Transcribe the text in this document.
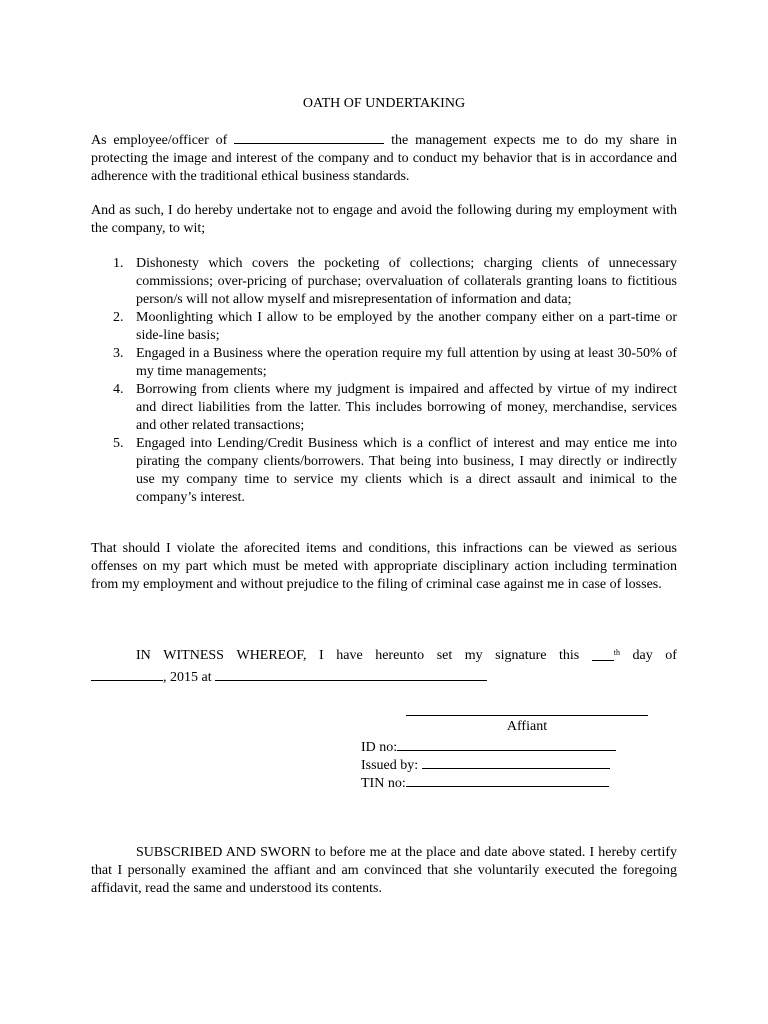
OATH OF UNDERTAKING
As employee/officer of	the management expects me to do my share in protecting the image and interest of the company and to conduct my behavior that is in accordance and adherence with the traditional ethical business standards.
And as such, I do hereby undertake not to engage and avoid the following during my employment with the company, to wit;
1. Dishonesty which covers the pocketing of collections; charging clients of unnecessary commissions; over-pricing of purchase; overvaluation of collaterals granting loans to fictitious person/s will not allow myself and misrepresentation of information and data;
2. Moonlighting which I allow to be employed by the another company either on a part-time or side-line basis;
3. Engaged in a Business where the operation require my full attention by using at least 30-50% of my time managements;
4. Borrowing from clients where my judgment is impaired and affected by virtue of my indirect and direct liabilities from the latter. This includes borrowing of money, merchandise, services and other related transactions;
5. Engaged into Lending/Credit Business which is a conflict of interest and may entice me into pirating the company clients/borrowers. That being into business, I may directly or indirectly use my company time to service my clients which is a direct assault and inimical to the company’s interest.
That should I violate the aforecited items and conditions, this infractions can be viewed as serious offenses on my part which must be meted with appropriate disciplinary action including termination from my employment and without prejudice to the filing of criminal case against me in case of losses.
IN WITNESS WHEREOF, I have hereunto set my signature this	$^{th}$ day of
, 2015 at
Affiant
ID no:
Issued by:
TIN no:
SUBSCRIBED AND SWORN to before me at the place and date above stated. I hereby certify that I personally examined the affiant and am convinced that she voluntarily executed the foregoing affidavit, read the same and understood its contents.
